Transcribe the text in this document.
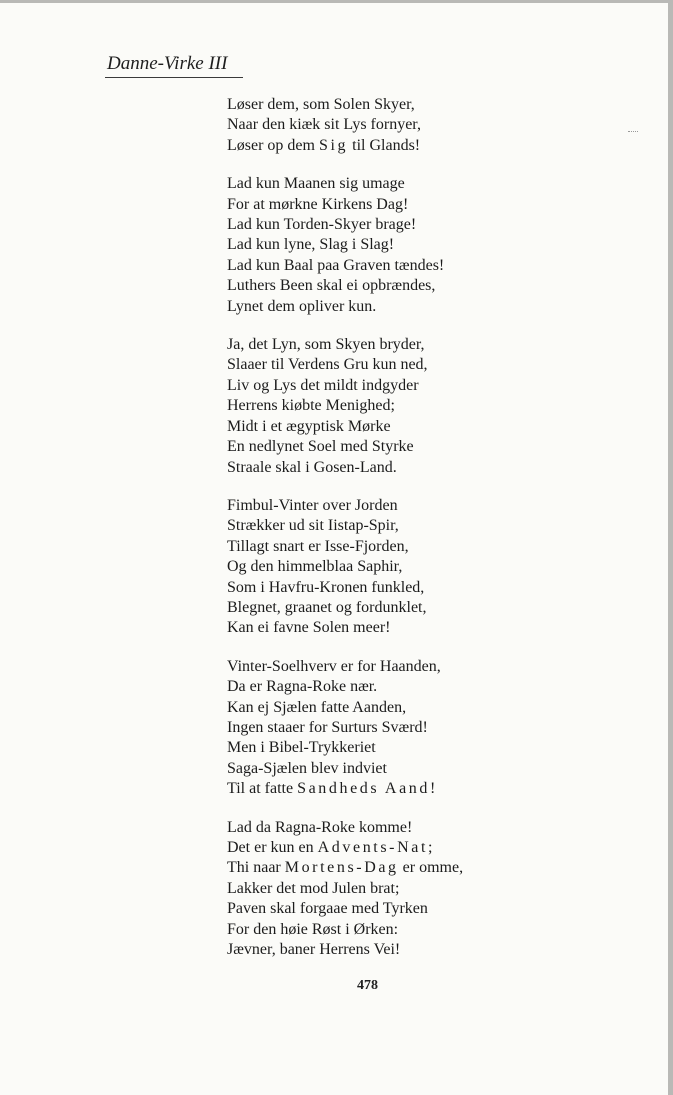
Danne-Virke III
Løser dem, som Solen Skyer,
Naar den kiæk sit Lys fornyer,
Løser op dem Sig til Glands!
Lad kun Maanen sig umage
For at mørkne Kirkens Dag!
Lad kun Torden-Skyer brage!
Lad kun lyne, Slag i Slag!
Lad kun Baal paa Graven tændes!
Luthers Been skal ei opbrændes,
Lynet dem opliver kun.
Ja, det Lyn, som Skyen bryder,
Slaaer til Verdens Gru kun ned,
Liv og Lys det mildt indgyder
Herrens kiøbte Menighed;
Midt i et ægyptisk Mørke
En nedlynet Soel med Styrke
Straale skal i Gosen-Land.
Fimbul-Vinter over Jorden
Strækker ud sit Iistap-Spir,
Tillagt snart er Isse-Fjorden,
Og den himmelblaa Saphir,
Som i Havfru-Kronen funkled,
Blegnet, graanet og fordunklet,
Kan ei favne Solen meer!
Vinter-Soelhverv er for Haanden,
Da er Ragna-Roke nær.
Kan ej Sjælen fatte Aanden,
Ingen staaer for Surturs Sværd!
Men i Bibel-Trykkeriet
Saga-Sjælen blev indviet
Til at fatte Sandheds Aand!
Lad da Ragna-Roke komme!
Det er kun en Advents-Nat;
Thi naar Mortens-Dag er omme,
Lakker det mod Julen brat;
Paven skal forgaae med Tyrken
For den høie Røst i Ørken:
Jævner, baner Herrens Vei!
478
